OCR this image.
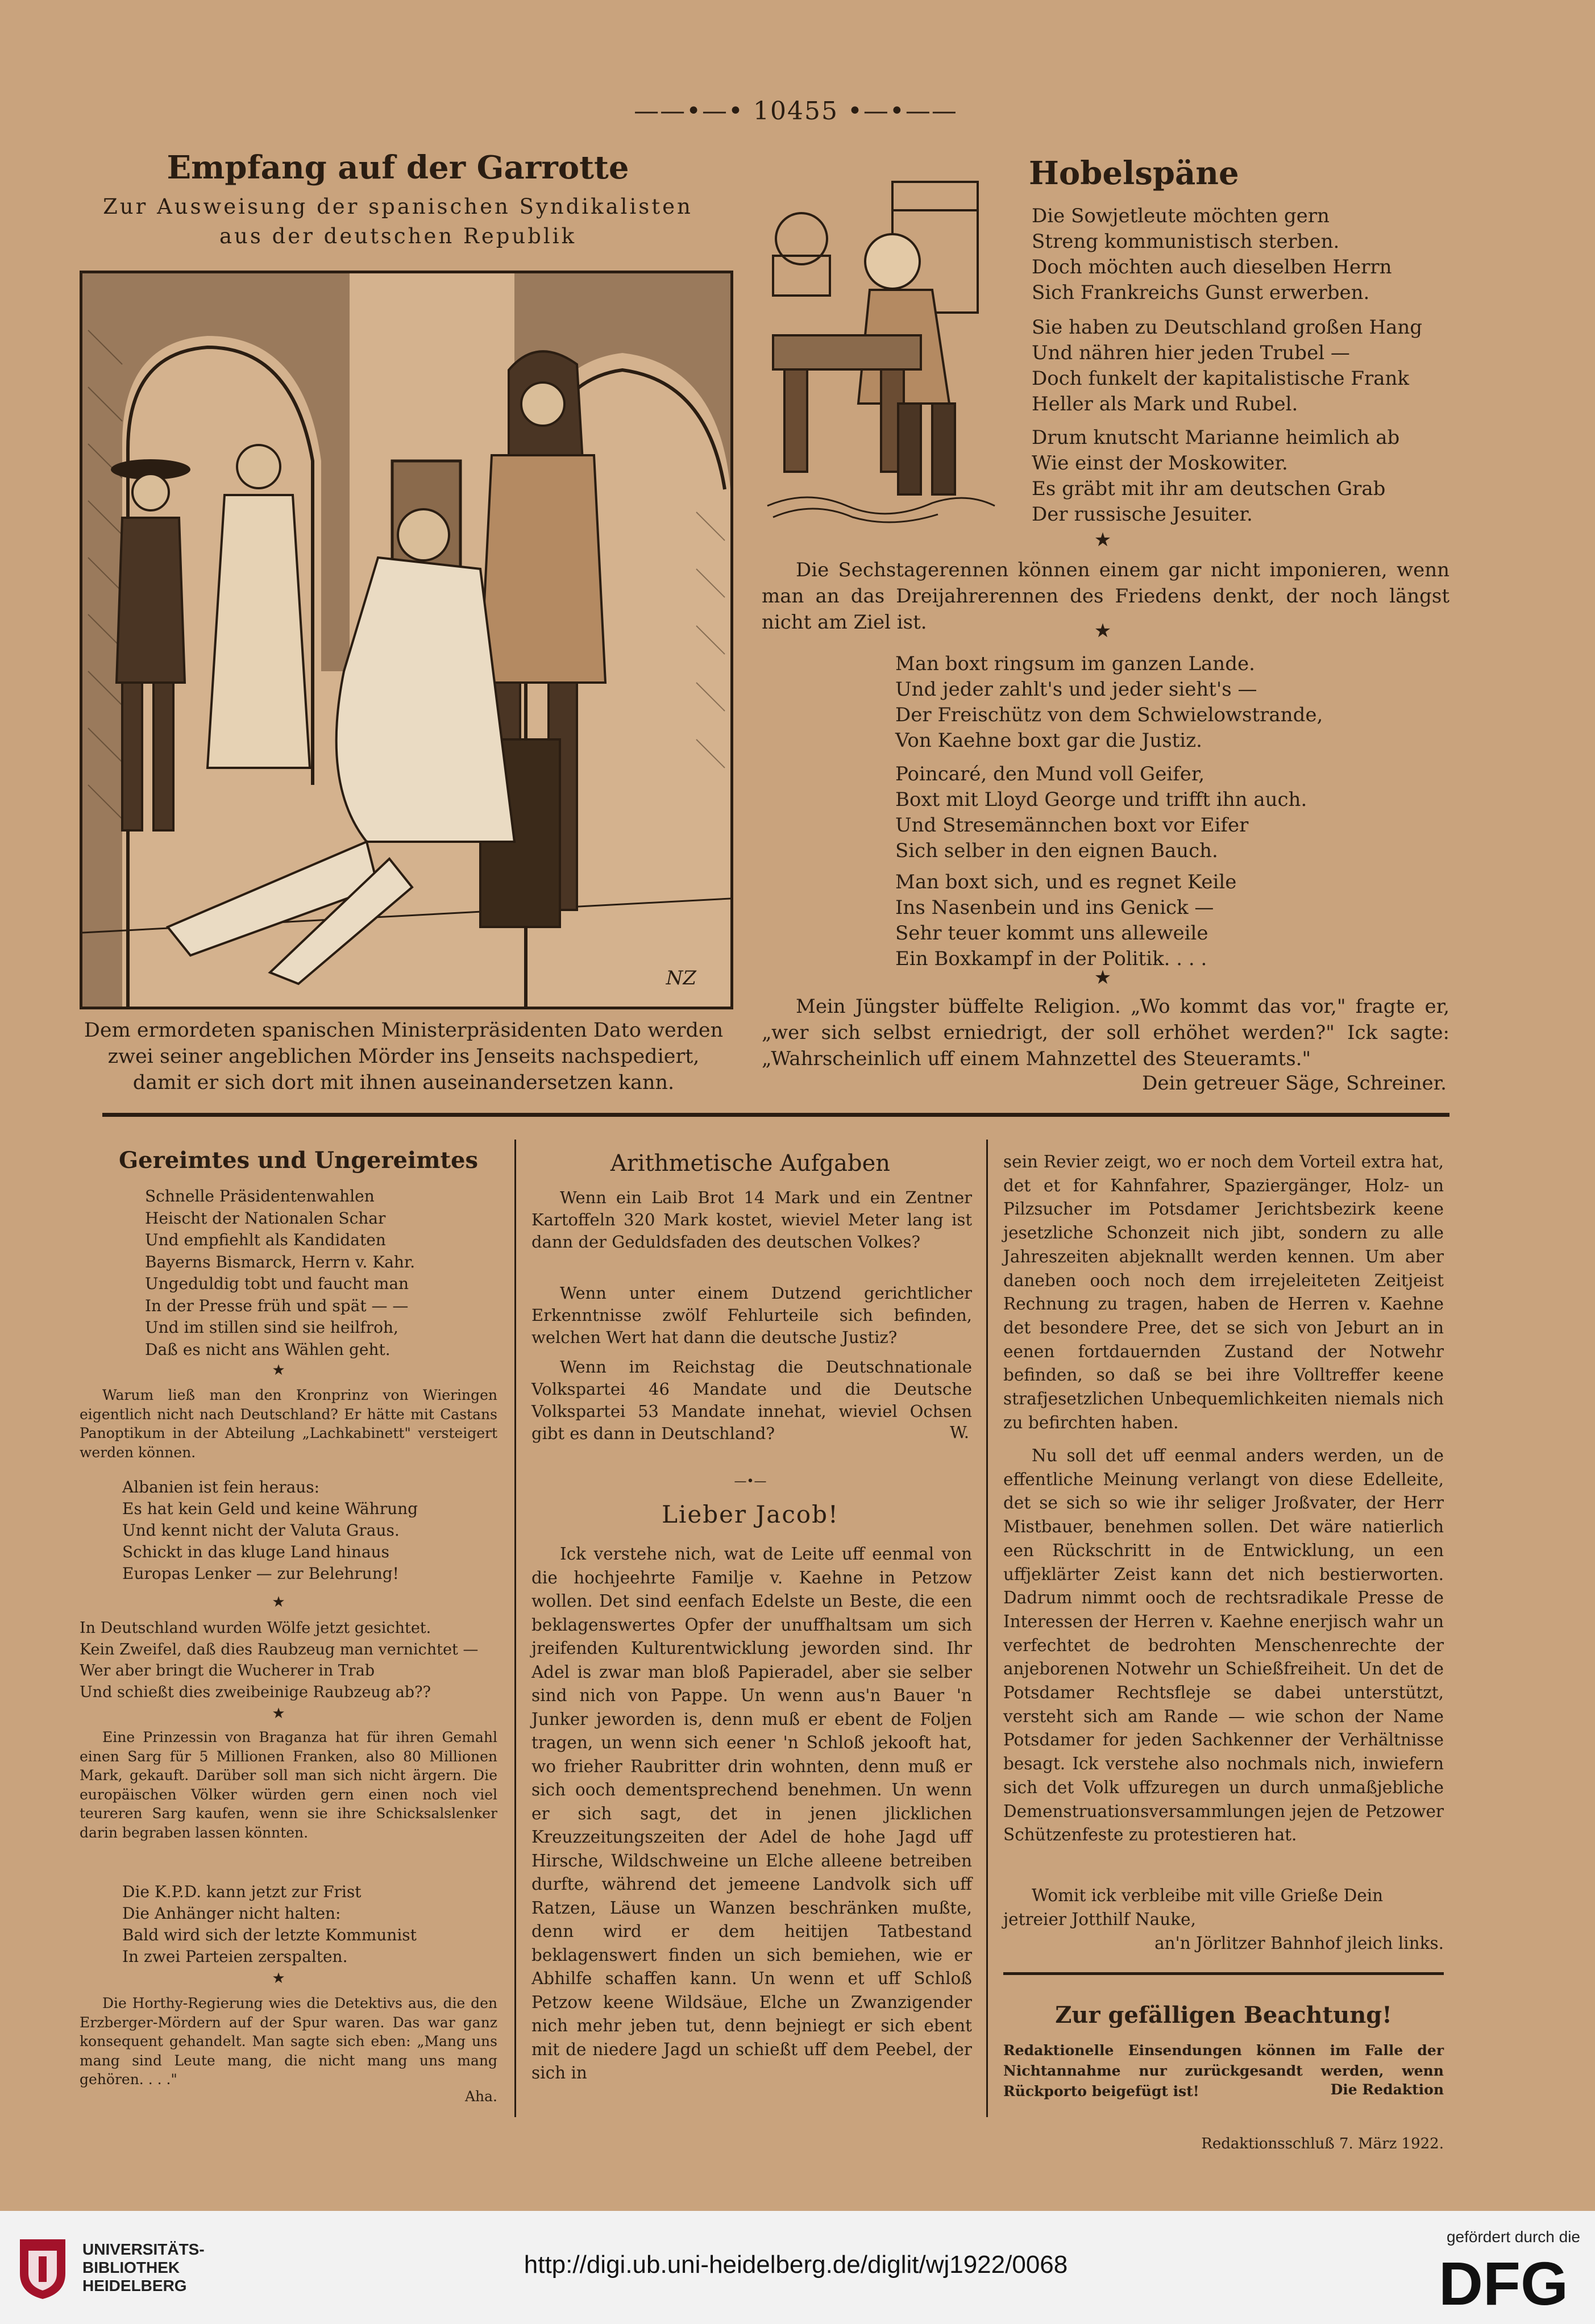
——•—• 10455 •—•——
Empfang auf der Garrotte
Zur Ausweisung der spanischen Syndikalisten
aus der deutschen Republik
NZ
Dem ermordeten spanischen Ministerpräsidenten Dato werden
zwei seiner angeblichen Mörder ins Jenseits nachspediert,
damit er sich dort mit ihnen auseinandersetzen kann.
Hobelspäne
Die Sowjetleute möchten gern
Streng kommunistisch sterben.
Doch möchten auch dieselben Herrn
Sich Frankreichs Gunst erwerben.
Sie haben zu Deutschland großen Hang
Und nähren hier jeden Trubel —
Doch funkelt der kapitalistische Frank
Heller als Mark und Rubel.
Drum knutscht Marianne heimlich ab
Wie einst der Moskowiter.
Es gräbt mit ihr am deutschen Grab
Der russische Jesuiter.
★
Die Sechstagerennen können einem gar nicht imponieren, wenn man an das Dreijahrerennen des Friedens denkt, der noch längst nicht am Ziel ist.	★
Man boxt ringsum im ganzen Lande.
Und jeder zahlt's und jeder sieht's —
Der Freischütz von dem Schwielowstrande,
Von Kaehne boxt gar die Justiz.
Poincaré, den Mund voll Geifer,
Boxt mit Lloyd George und trifft ihn auch.
Und Stresemännchen boxt vor Eifer
Sich selber in den eignen Bauch.
Man boxt sich, und es regnet Keile
Ins Nasenbein und ins Genick —
Sehr teuer kommt uns alleweile
Ein Boxkampf in der Politik. . . .
★
Mein Jüngster büffelte Religion. „Wo kommt das vor," fragte er, „wer sich selbst erniedrigt, der soll erhöhet werden?" Ick sagte: „Wahrscheinlich uff einem Mahnzettel des Steueramts."
Dein getreuer Säge, Schreiner.
Gereimtes und Ungereimtes
Schnelle Präsidentenwahlen
Heischt der Nationalen Schar
Und empfiehlt als Kandidaten
Bayerns Bismarck, Herrn v. Kahr.
Ungeduldig tobt und faucht man
In der Presse früh und spät — —
Und im stillen sind sie heilfroh,
Daß es nicht ans Wählen geht.
★
Warum ließ man den Kronprinz von Wieringen eigentlich nicht nach Deutschland? Er hätte mit Castans Panoptikum in der Abteilung „Lachkabinett" versteigert werden können.
Albanien ist fein heraus:
Es hat kein Geld und keine Währung
Und kennt nicht der Valuta Graus.
Schickt in das kluge Land hinaus
Europas Lenker — zur Belehrung!
★
In Deutschland wurden Wölfe jetzt gesichtet.
Kein Zweifel, daß dies Raubzeug man vernichtet —
Wer aber bringt die Wucherer in Trab
Und schießt dies zweibeinige Raubzeug ab??
★
Eine Prinzessin von Braganza hat für ihren Gemahl einen Sarg für 5 Millionen Franken, also 80 Millionen Mark, gekauft. Darüber soll man sich nicht ärgern. Die europäischen Völker würden gern einen noch viel teureren Sarg kaufen, wenn sie ihre Schicksalslenker darin begraben lassen könnten.
Die K.P.D. kann jetzt zur Frist
Die Anhänger nicht halten:
Bald wird sich der letzte Kommunist
In zwei Parteien zerspalten.
★
Die Horthy-Regierung wies die Detektivs aus, die den Erzberger-Mördern auf der Spur waren. Das war ganz konsequent gehandelt. Man sagte sich eben: „Mang uns mang sind Leute mang, die nicht mang uns mang gehören. . . ."
Aha.
Arithmetische Aufgaben
Wenn ein Laib Brot 14 Mark und ein Zentner Kartoffeln 320 Mark kostet, wieviel Meter lang ist dann der Geduldsfaden des deutschen Volkes?
Wenn unter einem Dutzend gerichtlicher Erkenntnisse zwölf Fehlurteile sich befinden, welchen Wert hat dann die deutsche Justiz?
Wenn im Reichstag die Deutschnationale Volkspartei 46 Mandate und die Deutsche Volkspartei 53 Mandate innehat, wieviel Ochsen gibt es dann in Deutschland?	W.
—•—
Lieber Jacob!
Ick verstehe nich, wat de Leite uff eenmal von die hochjeehrte Familje v. Kaehne in Petzow wollen. Det sind eenfach Edelste un Beste, die een beklagenswertes Opfer der unuffhaltsam um sich jreifenden Kulturentwicklung jeworden sind. Ihr Adel is zwar man bloß Papieradel, aber sie selber sind nich von Pappe. Un wenn aus'n Bauer 'n Junker jeworden is, denn muß er ebent de Foljen tragen, un wenn sich eener 'n Schloß jekooft hat, wo frieher Raubritter drin wohnten, denn muß er sich ooch dementsprechend benehmen. Un wenn er sich sagt, det in jenen jlicklichen Kreuzzeitungszeiten der Adel de hohe Jagd uff Hirsche, Wildschweine un Elche alleene betreiben durfte, während det jemeene Landvolk sich uff Ratzen, Läuse un Wanzen beschränken mußte, denn wird er dem heitijen Tatbestand beklagenswert finden un sich bemiehen, wie er Abhilfe schaffen kann. Un wenn et uff Schloß Petzow keene Wildsäue, Elche un Zwanzigender nich mehr jeben tut, denn bejniegt er sich ebent mit de niedere Jagd un schießt uff dem Peebel, der sich in
sein Revier zeigt, wo er noch dem Vorteil extra hat, det et for Kahnfahrer, Spaziergänger, Holz- un Pilzsucher im Potsdamer Jerichtsbezirk keene jesetzliche Schonzeit nich jibt, sondern zu alle Jahreszeiten abjeknallt werden kennen. Um aber daneben ooch noch dem irrejeleiteten Zeitjeist Rechnung zu tragen, haben de Herren v. Kaehne det besondere Pree, det se sich von Jeburt an in eenen fortdauernden Zustand der Notwehr befinden, so daß se bei ihre Volltreffer keene strafjesetzlichen Unbequemlichkeiten niemals nich zu befirchten haben.
Nu soll det uff eenmal anders werden, un de effentliche Meinung verlangt von diese Edelleite, det se sich so wie ihr seliger Jroßvater, der Herr Mistbauer, benehmen sollen. Det wäre natierlich een Rückschritt in de Entwicklung, un een uffjeklärter Zeist kann det nich bestierworten. Dadrum nimmt ooch de rechtsradikale Presse de Interessen der Herren v. Kaehne enerjisch wahr un verfechtet de bedrohten Menschenrechte der anjeborenen Notwehr un Schießfreiheit. Un det de Potsdamer Rechtsfleje se dabei unterstützt, versteht sich am Rande — wie schon der Name Potsdamer for jeden Sachkenner der Verhältnisse besagt. Ick verstehe also nochmals nich, inwiefern sich det Volk uffzuregen un durch unmaßjebliche Demenstruationsversammlungen jejen de Petzower Schützenfeste zu protestieren hat.
Womit ick verbleibe mit ville Grieße Dein
jetreier Jotthilf Nauke,
an'n Jörlitzer Bahnhof jleich links.
Zur gefälligen Beachtung!
Redaktionelle Einsendungen können im Falle der Nichtannahme nur zurückgesandt werden, wenn Rückporto beigefügt ist!	Die Redaktion
Redaktionsschluß 7. März 1922.
UNIVERSITÄTS-
BIBLIOTHEK
HEIDELBERG
http://digi.ub.uni-heidelberg.de/diglit/wj1922/0068
gefördert durch die
DFG
